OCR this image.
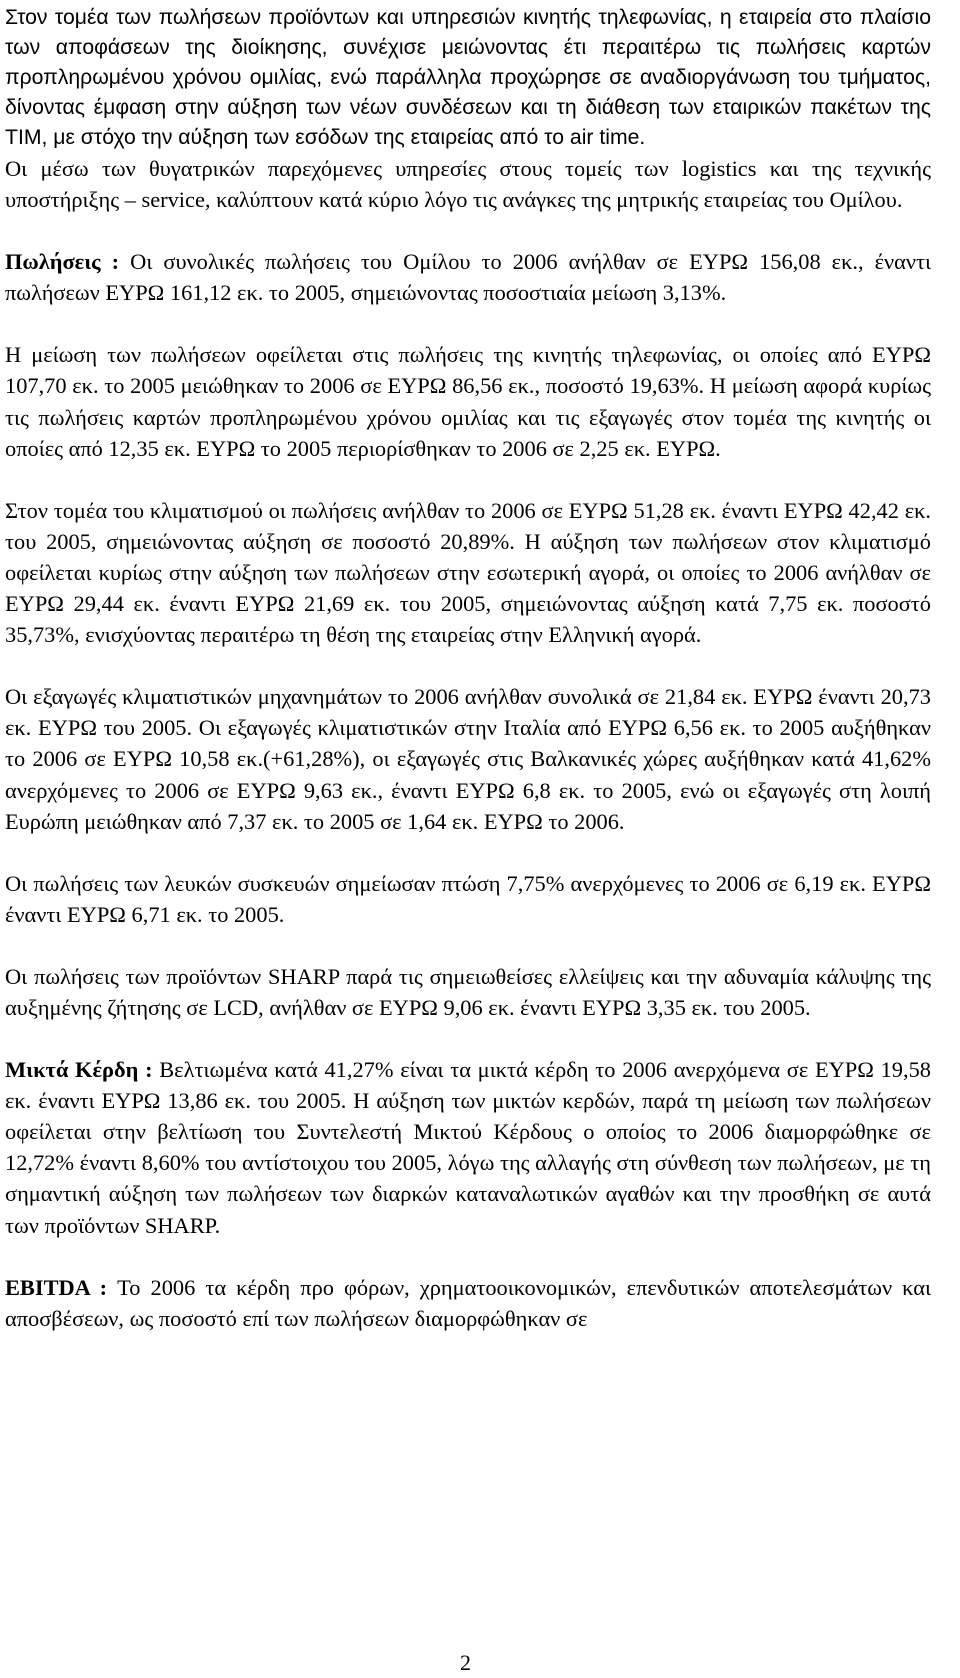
Στον τομέα των πωλήσεων προϊόντων και υπηρεσιών κινητής τηλεφωνίας, η εταιρεία στο πλαίσιο των αποφάσεων της διοίκησης, συνέχισε μειώνοντας έτι περαιτέρω τις πωλήσεις καρτών προπληρωμένου χρόνου ομιλίας, ενώ παράλληλα προχώρησε σε αναδιοργάνωση του τμήματος, δίνοντας έμφαση στην αύξηση των νέων συνδέσεων και τη διάθεση των εταιρικών πακέτων της TIM, με στόχο την αύξηση των εσόδων της εταιρείας από το air time.

Οι μέσω των θυγατρικών παρεχόμενες υπηρεσίες στους τομείς των logistics και της τεχνικής υποστήριξης – service, καλύπτουν κατά κύριο λόγο τις ανάγκες της μητρικής εταιρείας του Ομίλου.

Πωλήσεις : Οι συνολικές πωλήσεις του Ομίλου το 2006 ανήλθαν σε ΕΥΡΩ 156,08 εκ., έναντι πωλήσεων ΕΥΡΩ 161,12 εκ. το 2005, σημειώνοντας ποσοστιαία μείωση 3,13%.

Η μείωση των πωλήσεων οφείλεται στις πωλήσεις της κινητής τηλεφωνίας, οι οποίες από ΕΥΡΩ 107,70 εκ. το 2005 μειώθηκαν το 2006 σε ΕΥΡΩ 86,56 εκ., ποσοστό 19,63%. Η μείωση αφορά κυρίως τις πωλήσεις καρτών προπληρωμένου χρόνου ομιλίας και τις εξαγωγές στον τομέα της κινητής οι οποίες από 12,35 εκ. ΕΥΡΩ το 2005 περιορίσθηκαν το 2006 σε 2,25 εκ. ΕΥΡΩ.

Στον τομέα του κλιματισμού οι πωλήσεις ανήλθαν το 2006 σε ΕΥΡΩ 51,28 εκ. έναντι ΕΥΡΩ 42,42 εκ. του 2005, σημειώνοντας αύξηση σε ποσοστό 20,89%. Η αύξηση των πωλήσεων στον κλιματισμό οφείλεται κυρίως στην αύξηση των πωλήσεων στην εσωτερική αγορά, οι οποίες το 2006 ανήλθαν σε ΕΥΡΩ 29,44 εκ. έναντι ΕΥΡΩ 21,69 εκ. του 2005, σημειώνοντας αύξηση κατά 7,75 εκ. ποσοστό 35,73%, ενισχύοντας περαιτέρω τη θέση της εταιρείας στην Ελληνική αγορά.

Οι εξαγωγές κλιματιστικών μηχανημάτων το 2006 ανήλθαν συνολικά σε 21,84 εκ. ΕΥΡΩ έναντι 20,73 εκ. ΕΥΡΩ του 2005. Οι εξαγωγές κλιματιστικών στην Ιταλία από ΕΥΡΩ 6,56 εκ. το 2005 αυξήθηκαν το 2006 σε ΕΥΡΩ 10,58 εκ.(+61,28%), οι εξαγωγές στις Βαλκανικές χώρες αυξήθηκαν κατά 41,62% ανερχόμενες το 2006 σε ΕΥΡΩ 9,63 εκ., έναντι ΕΥΡΩ 6,8 εκ. το 2005, ενώ οι εξαγωγές στη λοιπή Ευρώπη μειώθηκαν από 7,37 εκ. το 2005 σε 1,64 εκ. ΕΥΡΩ το 2006.

Οι πωλήσεις των λευκών συσκευών σημείωσαν πτώση 7,75% ανερχόμενες το 2006 σε 6,19 εκ. ΕΥΡΩ έναντι ΕΥΡΩ 6,71 εκ. το 2005.

Οι πωλήσεις των προϊόντων SHARP παρά τις σημειωθείσες ελλείψεις και την αδυναμία κάλυψης της αυξημένης ζήτησης σε LCD, ανήλθαν σε ΕΥΡΩ 9,06 εκ. έναντι ΕΥΡΩ 3,35 εκ. του 2005.

Μικτά Κέρδη : Βελτιωμένα κατά 41,27% είναι τα μικτά κέρδη το 2006 ανερχόμενα σε ΕΥΡΩ 19,58 εκ. έναντι ΕΥΡΩ 13,86 εκ. του 2005. Η αύξηση των μικτών κερδών, παρά τη μείωση των πωλήσεων οφείλεται στην βελτίωση του Συντελεστή Μικτού Κέρδους ο οποίος το 2006 διαμορφώθηκε σε 12,72% έναντι 8,60% του αντίστοιχου του 2005, λόγω της αλλαγής στη σύνθεση των πωλήσεων, με τη σημαντική αύξηση των πωλήσεων των διαρκών καταναλωτικών αγαθών και την προσθήκη σε αυτά των προϊόντων SHARP.

EBITDA : Το 2006 τα κέρδη προ φόρων, χρηματοοικονομικών, επενδυτικών αποτελεσμάτων και αποσβέσεων, ως ποσοστό επί των πωλήσεων διαμορφώθηκαν σε

2
